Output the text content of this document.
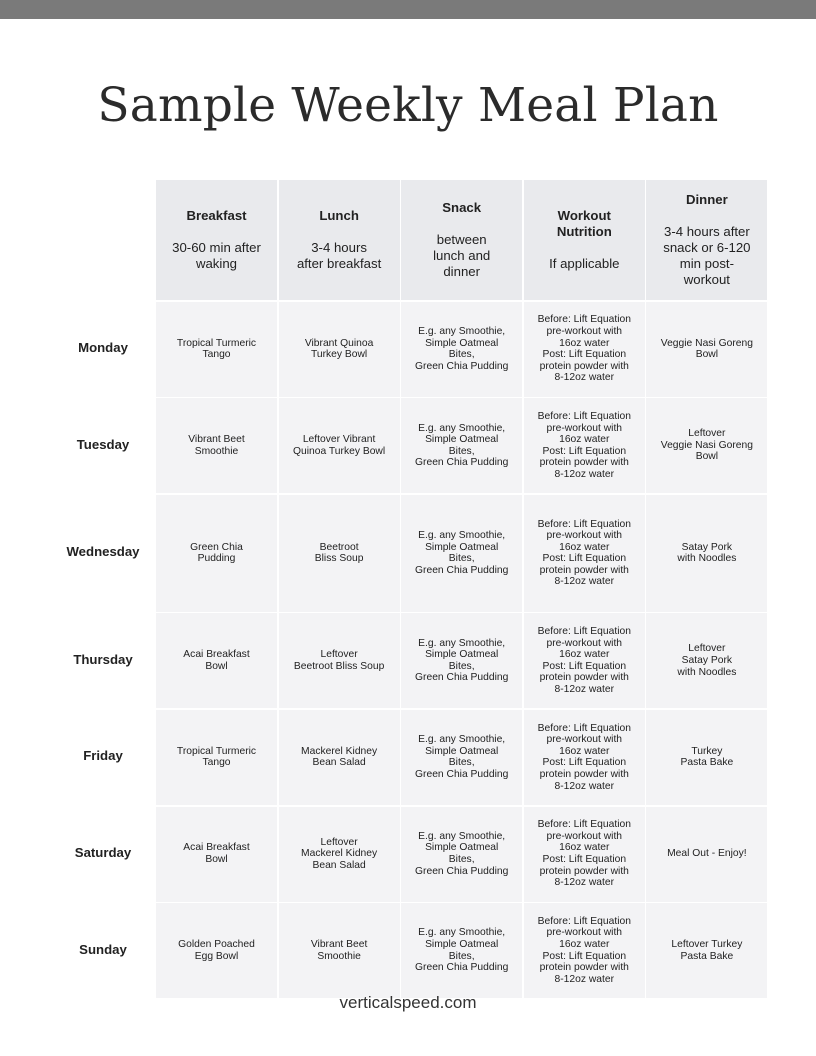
Sample Weekly Meal Plan
Monday
Tuesday
Wednesday
Thursday
Friday
Saturday
Sunday
Breakfast
30-60 min after
waking
Lunch
3-4 hours
after breakfast
Snack
between
lunch and
dinner
Workout
Nutrition
If applicable
Dinner
3-4 hours after
snack or 6-120
min post-
workout
Tropical Turmeric
Tango
Vibrant Quinoa
Turkey Bowl
E.g. any Smoothie,
Simple Oatmeal
Bites,
Green Chia Pudding
Before: Lift Equation
pre-workout with
16oz water
Post: Lift Equation
protein powder with
8-12oz water
Veggie Nasi Goreng
Bowl
Vibrant Beet
Smoothie
Leftover Vibrant
Quinoa Turkey Bowl
E.g. any Smoothie,
Simple Oatmeal
Bites,
Green Chia Pudding
Before: Lift Equation
pre-workout with
16oz water
Post: Lift Equation
protein powder with
8-12oz water
Leftover
Veggie Nasi Goreng
Bowl
Green Chia
Pudding
Beetroot
Bliss Soup
E.g. any Smoothie,
Simple Oatmeal
Bites,
Green Chia Pudding
Before: Lift Equation
pre-workout with
16oz water
Post: Lift Equation
protein powder with
8-12oz water
Satay Pork
with Noodles
Acai Breakfast
Bowl
Leftover
Beetroot Bliss Soup
E.g. any Smoothie,
Simple Oatmeal
Bites,
Green Chia Pudding
Before: Lift Equation
pre-workout with
16oz water
Post: Lift Equation
protein powder with
8-12oz water
Leftover
Satay Pork
with Noodles
Tropical Turmeric
Tango
Mackerel Kidney
Bean Salad
E.g. any Smoothie,
Simple Oatmeal
Bites,
Green Chia Pudding
Before: Lift Equation
pre-workout with
16oz water
Post: Lift Equation
protein powder with
8-12oz water
Turkey
Pasta Bake
Acai Breakfast
Bowl
Leftover
Mackerel Kidney
Bean Salad
E.g. any Smoothie,
Simple Oatmeal
Bites,
Green Chia Pudding
Before: Lift Equation
pre-workout with
16oz water
Post: Lift Equation
protein powder with
8-12oz water
Meal Out - Enjoy!
Golden Poached
Egg Bowl
Vibrant Beet
Smoothie
E.g. any Smoothie,
Simple Oatmeal
Bites,
Green Chia Pudding
Before: Lift Equation
pre-workout with
16oz water
Post: Lift Equation
protein powder with
8-12oz water
Leftover Turkey
Pasta Bake
verticalspeed.com
